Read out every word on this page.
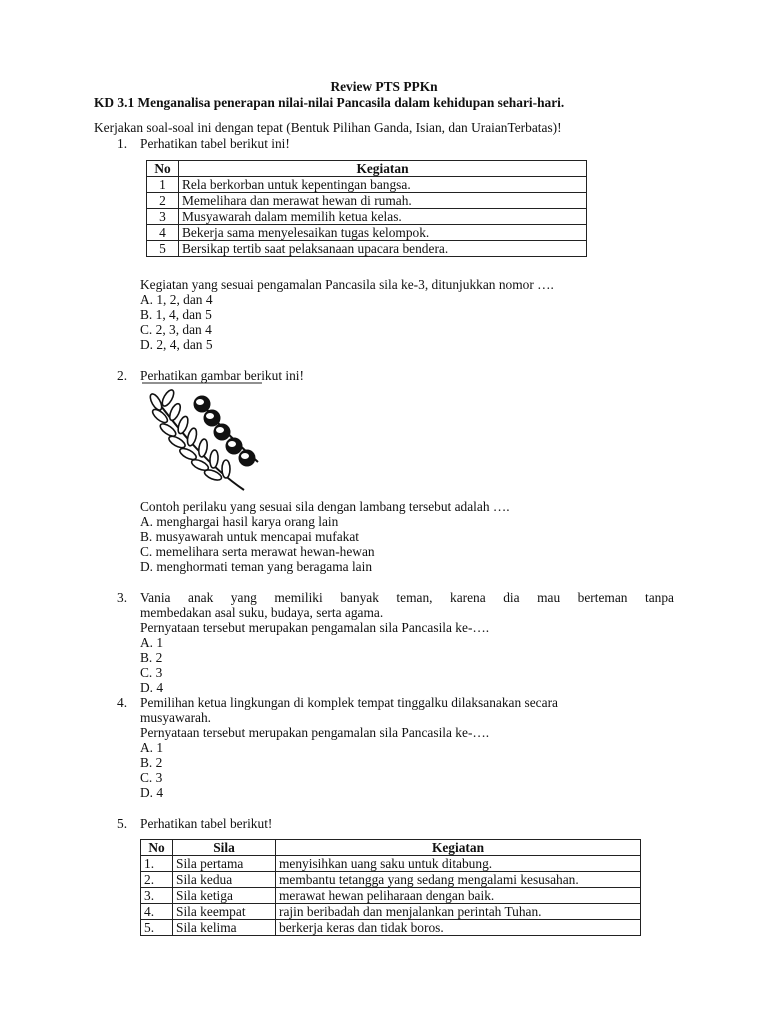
Review PTS PPKn
KD 3.1 Menganalisa penerapan nilai-nilai Pancasila dalam kehidupan sehari-hari.
Kerjakan soal-soal ini dengan tepat (Bentuk Pilihan Ganda, Isian, dan UraianTerbatas)!
1. Perhatikan tabel berikut ini!
No	Kegiatan
1	Rela berkorban untuk kepentingan bangsa.
2	Memelihara dan merawat hewan di rumah.
3	Musyawarah dalam memilih ketua kelas.
4	Bekerja sama menyelesaikan tugas kelompok.
5	Bersikap tertib saat pelaksanaan upacara bendera.
Kegiatan yang sesuai pengamalan Pancasila sila ke-3, ditunjukkan nomor ….
A. 1, 2, dan 4
B. 1, 4, dan 5
C. 2, 3, dan 4
D. 2, 4, dan 5
2. Perhatikan gambar berikut ini!
Contoh perilaku yang sesuai sila dengan lambang tersebut adalah ….
A. menghargai hasil karya orang lain
B. musyawarah untuk mencapai mufakat
C. memelihara serta merawat hewan-hewan
D. menghormati teman yang beragama lain
3. Vania anak yang memiliki banyak teman, karena dia mau berteman tanpa
membedakan asal suku, budaya, serta agama.
Pernyataan tersebut merupakan pengamalan sila Pancasila ke-….
A. 1
B. 2
C. 3
D. 4
4. Pemilihan ketua lingkungan di komplek tempat tinggalku dilaksanakan secara
musyawarah.
Pernyataan tersebut merupakan pengamalan sila Pancasila ke-….
A. 1
B. 2
C. 3
D. 4
5. Perhatikan tabel berikut!
No	Sila	Kegiatan
1.	Sila pertama	menyisihkan uang saku untuk ditabung.
2.	Sila kedua	membantu tetangga yang sedang mengalami kesusahan.
3.	Sila ketiga	merawat hewan peliharaan dengan baik.
4.	Sila keempat	rajin beribadah dan menjalankan perintah Tuhan.
5.	Sila kelima	berkerja keras dan tidak boros.
